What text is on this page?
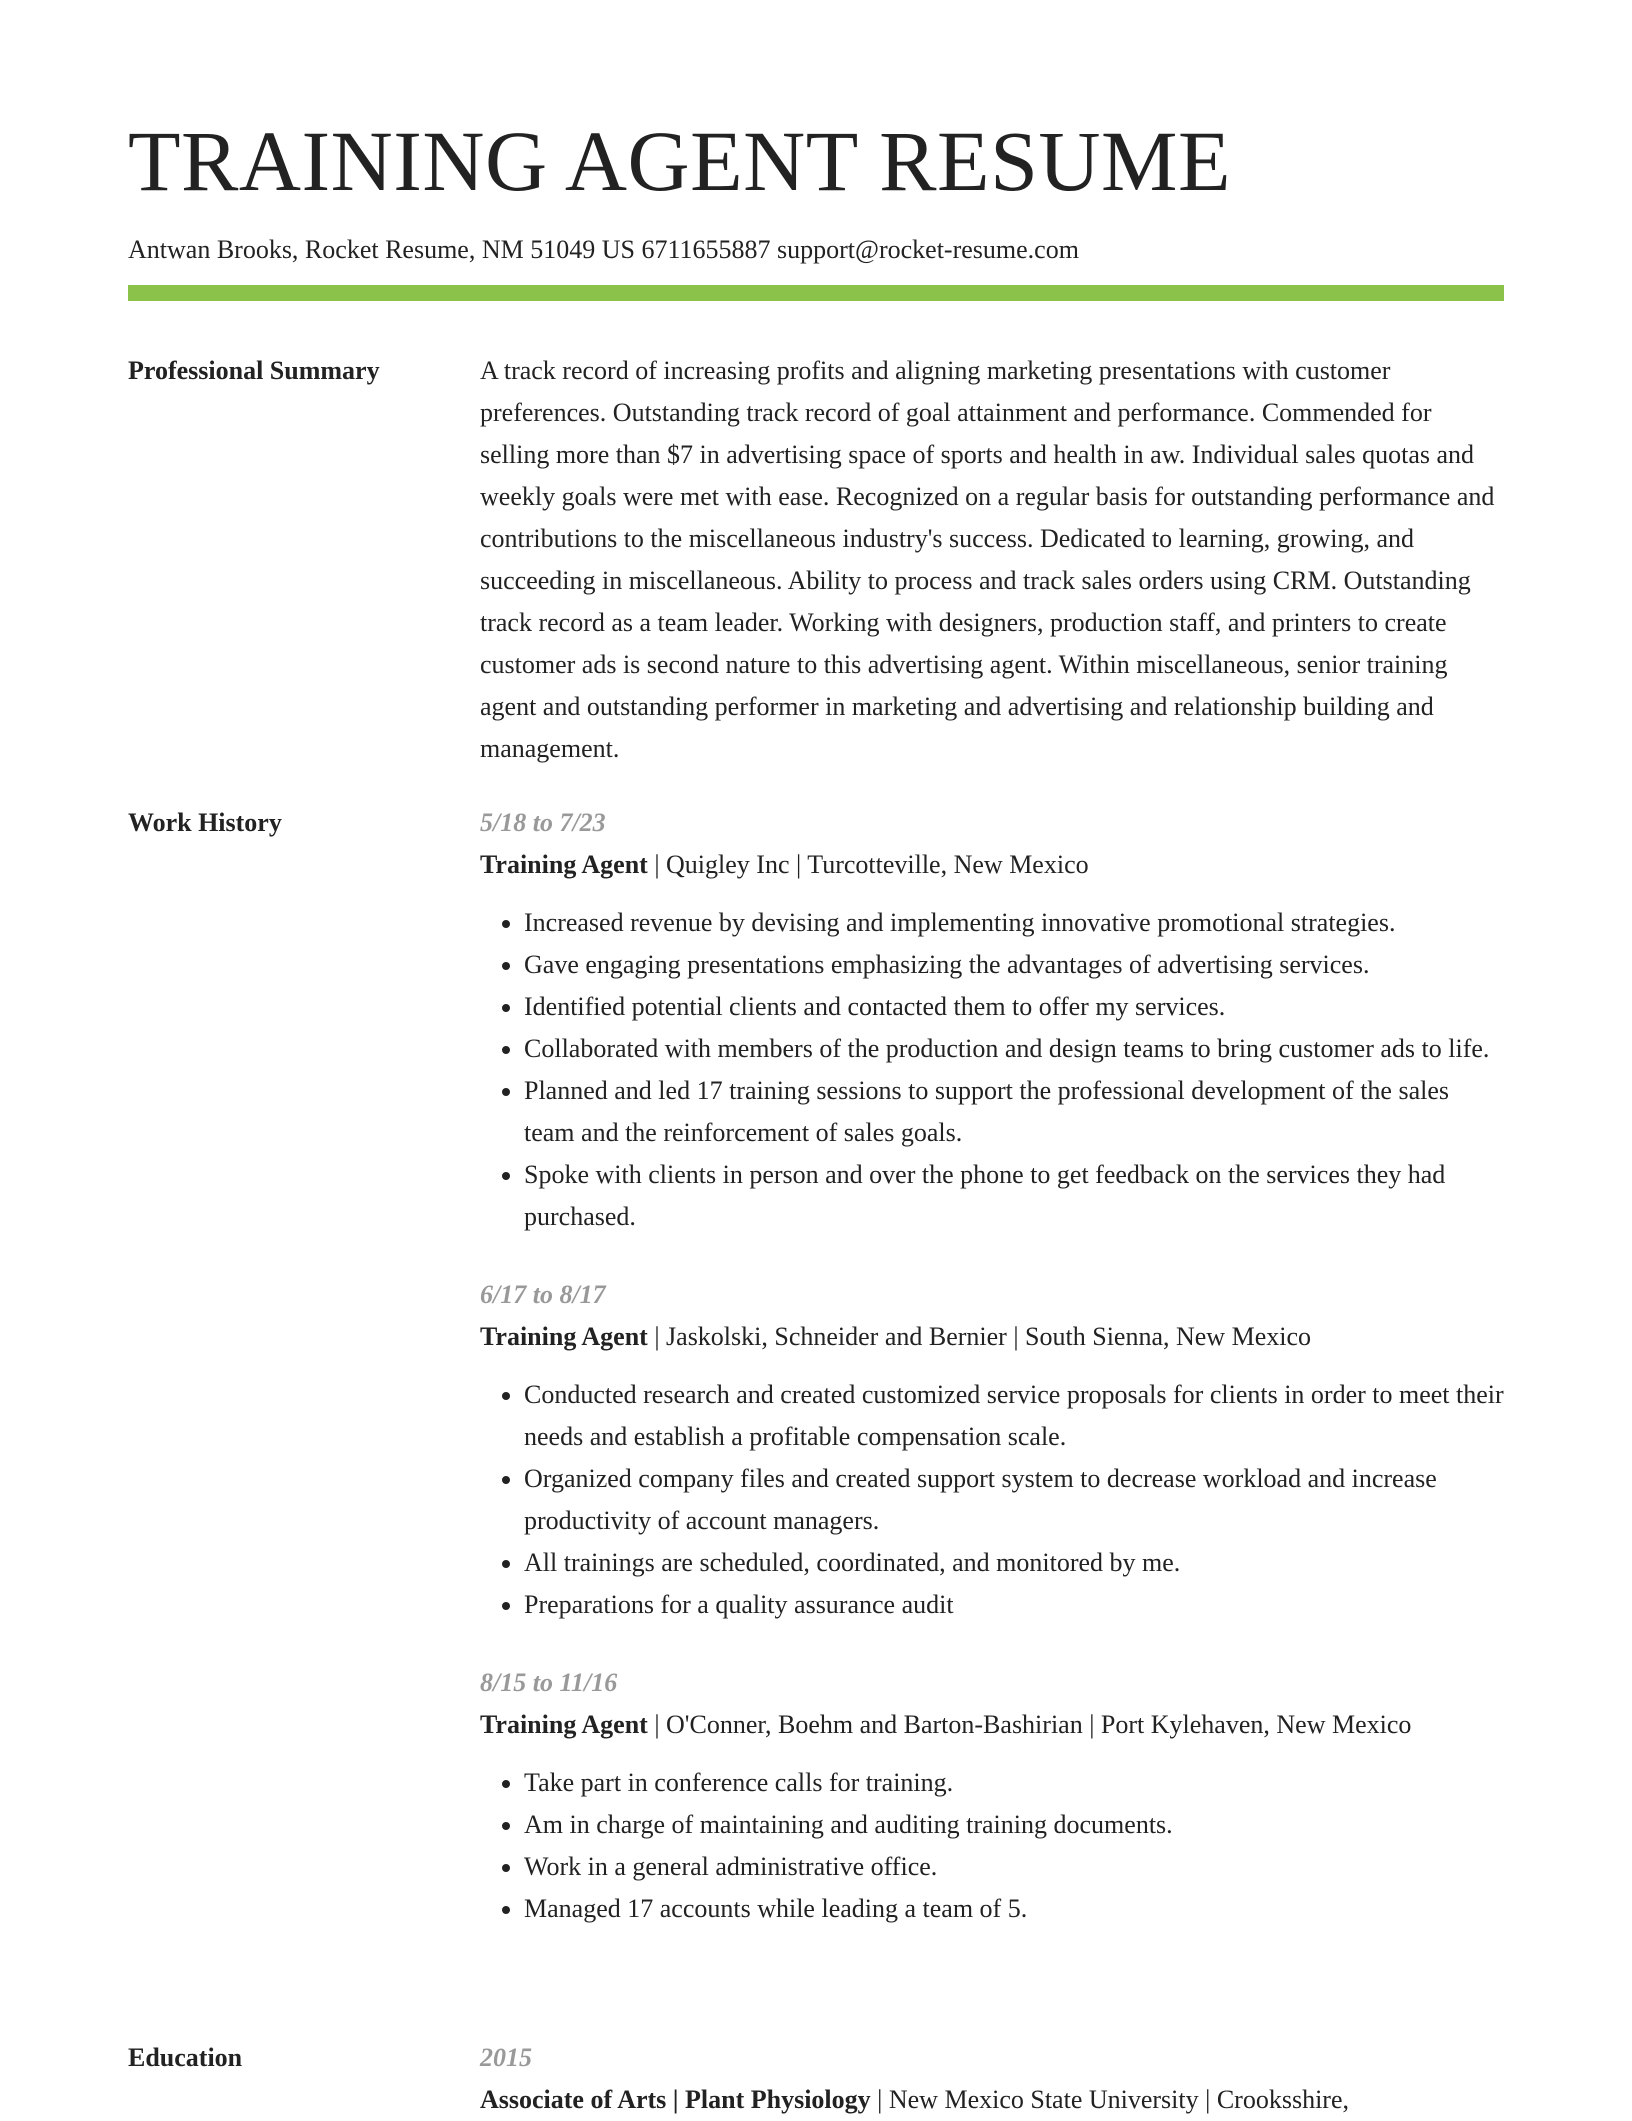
TRAINING AGENT RESUME
Antwan Brooks, Rocket Resume, NM 51049 US 6711655887 support@rocket-resume.com
Professional Summary	A track record of increasing profits and aligning marketing presentations with customer preferences. Outstanding track record of goal attainment and performance. Commended for selling more than $7 in advertising space of sports and health in aw. Individual sales quotas and weekly goals were met with ease. Recognized on a regular basis for outstanding performance and contributions to the miscellaneous industry's success. Dedicated to learning, growing, and succeeding in miscellaneous. Ability to process and track sales orders using CRM. Outstanding track record as a team leader. Working with designers, production staff, and printers to create customer ads is second nature to this advertising agent. Within miscellaneous, senior training agent and outstanding performer in marketing and advertising and relationship building and management.

Work History	5/18 to 7/23
Training Agent | Quigley Inc | Turcotteville, New Mexico
• Increased revenue by devising and implementing innovative promotional strategies.
• Gave engaging presentations emphasizing the advantages of advertising services.
• Identified potential clients and contacted them to offer my services.
• Collaborated with members of the production and design teams to bring customer ads to life.
• Planned and led 17 training sessions to support the professional development of the sales team and the reinforcement of sales goals.
• Spoke with clients in person and over the phone to get feedback on the services they had purchased.
6/17 to 8/17
Training Agent | Jaskolski, Schneider and Bernier | South Sienna, New Mexico
• Conducted research and created customized service proposals for clients in order to meet their needs and establish a profitable compensation scale.
• Organized company files and created support system to decrease workload and increase productivity of account managers.
• All trainings are scheduled, coordinated, and monitored by me.
• Preparations for a quality assurance audit
8/15 to 11/16
Training Agent | O'Conner, Boehm and Barton-Bashirian | Port Kylehaven, New Mexico
• Take part in conference calls for training.
• Am in charge of maintaining and auditing training documents.
• Work in a general administrative office.
• Managed 17 accounts while leading a team of 5.
Education	2015
Associate of Arts | Plant Physiology | New Mexico State University | Crooksshire,
